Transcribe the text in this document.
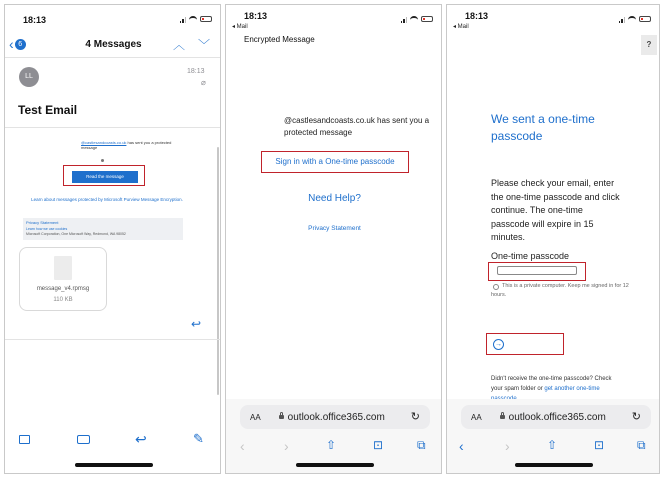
18:13
‹ 6	4 Messages	︿ ﹀
LL
18:13
⌀
Test Email
@castlesandcoasts.co.uk has sent you a protected message
Read the message
Learn about messages protected by Microsoft Purview Message Encryption.
Privacy Statement
Learn how we use cookies
Microsoft Corporation, One Microsoft Way, Redmond, WA 98052
message_v4.rpmsg
110 KB
↩
↩	✎
18:13
◂ Mail
Encrypted Message
@castlesandcoasts.co.uk has sent you a protected message
Sign in with a One-time passcode
Need Help?
Privacy Statement
AA	outlook.office365.com ↻
‹	›	⇧	⊡	⧉
18:13
◂ Mail
?
We sent a one-time passcode
Please check your email, enter the one-time passcode and click continue. The one-time passcode will expire in 15 minutes.
One-time passcode
This is a private computer. Keep me signed in for 12 hours.
→
Didn't receive the one-time passcode? Check your spam folder or get another one-time
AA	outlook.office365.com ↻
‹	›	⇧	⊡	⧉
